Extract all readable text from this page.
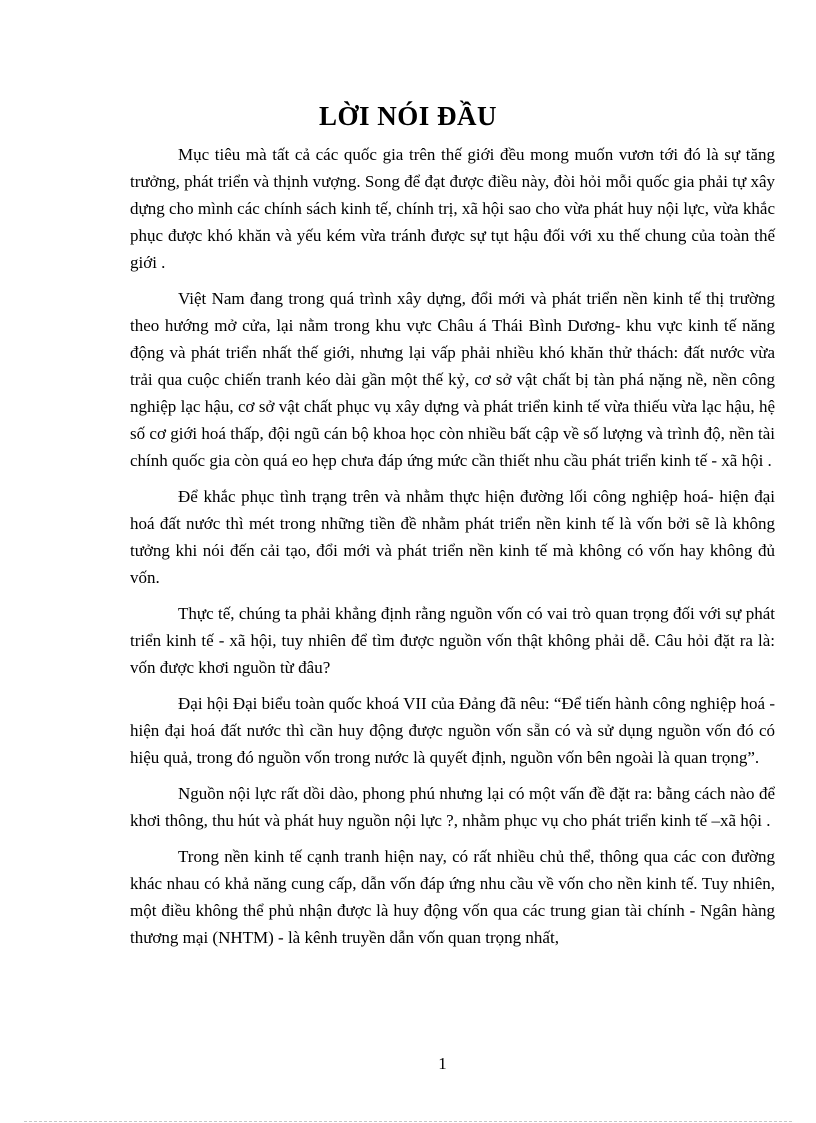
LỜI NÓI ĐẦU

Mục tiêu mà tất cả các quốc gia trên thế giới đều mong muốn vươn tới đó là sự tăng trưởng, phát triển và thịnh vượng. Song để đạt được điều này, đòi hỏi mỗi quốc gia phải tự xây dựng cho mình các chính sách kinh tế, chính trị, xã hội sao cho vừa phát huy nội lực, vừa khắc phục được khó khăn và yếu kém vừa tránh được sự tụt hậu đối với xu thế chung của toàn thế giới .

Việt Nam đang trong quá trình xây dựng, đổi mới và phát triển nền kinh tế thị trường theo hướng mở cửa, lại nằm trong khu vực Châu á Thái Bình Dương- khu vực kinh tế năng động và phát triển nhất thế giới, nhưng lại vấp phải nhiều khó khăn thử thách: đất nước vừa trải qua cuộc chiến tranh kéo dài gần một thế kỷ, cơ sở vật chất bị tàn phá nặng nề, nền công nghiệp lạc hậu, cơ sở vật chất phục vụ xây dựng và phát triển kinh tế vừa thiếu vừa lạc hậu, hệ số cơ giới hoá thấp, đội ngũ cán bộ khoa học còn nhiều bất cập về số lượng và trình độ, nền tài chính quốc gia còn quá eo hẹp chưa đáp ứng mức cần thiết nhu cầu phát triển kinh tế - xã hội .

Để khắc phục tình trạng trên và nhằm thực hiện đường lối công nghiệp hoá- hiện đại hoá đất nước thì mét trong những tiền đề nhằm phát triển nền kinh tế là vốn bởi sẽ là không tưởng khi nói đến cải tạo, đổi mới và phát triển nền kinh tế mà không có vốn hay không đủ vốn.

Thực tế, chúng ta phải khẳng định rằng nguồn vốn có vai trò quan trọng đối với sự phát triển kinh tế - xã hội, tuy nhiên để tìm được nguồn vốn thật không phải dễ. Câu hỏi đặt ra là: vốn được khơi nguồn từ đâu?

Đại hội Đại biểu toàn quốc khoá VII của Đảng đã nêu: “Để tiến hành công nghiệp hoá - hiện đại hoá đất nước thì cần huy động được nguồn vốn sẵn có và sử dụng nguồn vốn đó có hiệu quả, trong đó nguồn vốn trong nước là quyết định, nguồn vốn bên ngoài là quan trọng”.

Nguồn nội lực rất dồi dào, phong phú nhưng lại có một vấn đề đặt ra: bằng cách nào để khơi thông, thu hút và phát huy nguồn nội lực ?, nhằm phục vụ cho phát triển kinh tế –xã hội .

Trong nền kinh tế cạnh tranh hiện nay, có rất nhiều chủ thể, thông qua các con đường khác nhau có khả năng cung cấp, dẫn vốn đáp ứng nhu cầu về vốn cho nền kinh tế. Tuy nhiên, một điều không thể phủ nhận được là huy động vốn qua các trung gian tài chính - Ngân hàng thương mại (NHTM) - là kênh truyền dẫn vốn quan trọng nhất,

1
